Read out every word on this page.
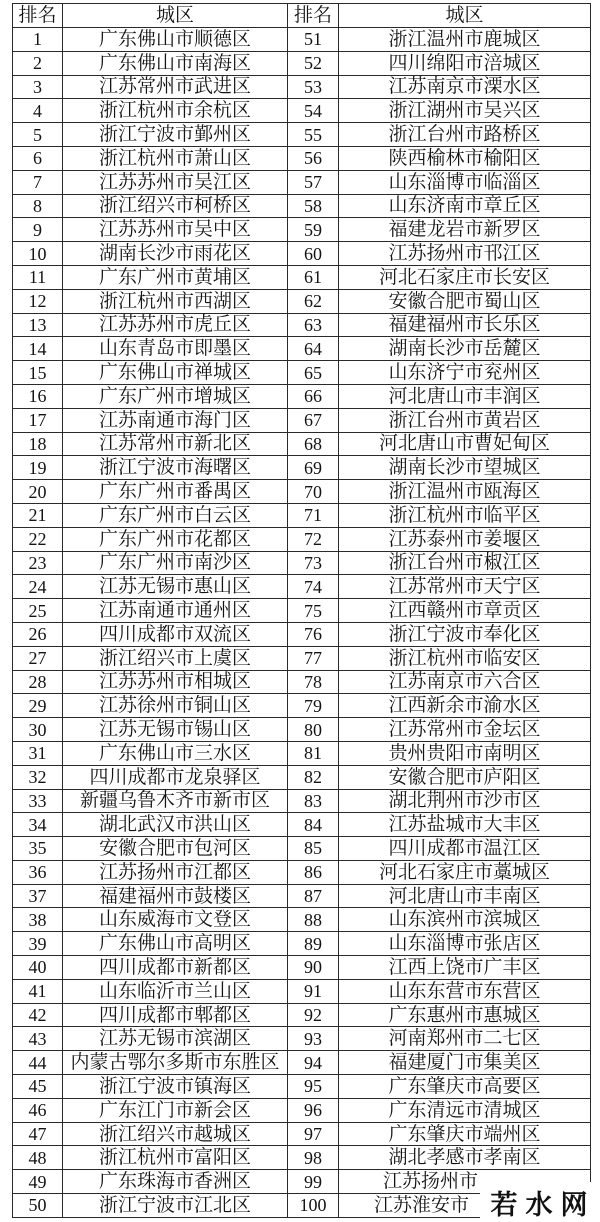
排名	城区	排名	城区
1	广东佛山市顺德区	51	浙江温州市鹿城区
2	广东佛山市南海区	52	四川绵阳市涪城区
3	江苏常州市武进区	53	江苏南京市溧水区
4	浙江杭州市余杭区	54	浙江湖州市吴兴区
5	浙江宁波市鄞州区	55	浙江台州市路桥区
6	浙江杭州市萧山区	56	陕西榆林市榆阳区
7	江苏苏州市吴江区	57	山东淄博市临淄区
8	浙江绍兴市柯桥区	58	山东济南市章丘区
9	江苏苏州市吴中区	59	福建龙岩市新罗区
10	湖南长沙市雨花区	60	江苏扬州市邗江区
11	广东广州市黄埔区	61	河北石家庄市长安区
12	浙江杭州市西湖区	62	安徽合肥市蜀山区
13	江苏苏州市虎丘区	63	福建福州市长乐区
14	山东青岛市即墨区	64	湖南长沙市岳麓区
15	广东佛山市禅城区	65	山东济宁市兖州区
16	广东广州市增城区	66	河北唐山市丰润区
17	江苏南通市海门区	67	浙江台州市黄岩区
18	江苏常州市新北区	68	河北唐山市曹妃甸区
19	浙江宁波市海曙区	69	湖南长沙市望城区
20	广东广州市番禺区	70	浙江温州市瓯海区
21	广东广州市白云区	71	浙江杭州市临平区
22	广东广州市花都区	72	江苏泰州市姜堰区
23	广东广州市南沙区	73	浙江台州市椒江区
24	江苏无锡市惠山区	74	江苏常州市天宁区
25	江苏南通市通州区	75	江西赣州市章贡区
26	四川成都市双流区	76	浙江宁波市奉化区
27	浙江绍兴市上虞区	77	浙江杭州市临安区
28	江苏苏州市相城区	78	江苏南京市六合区
29	江苏徐州市铜山区	79	江西新余市渝水区
30	江苏无锡市锡山区	80	江苏常州市金坛区
31	广东佛山市三水区	81	贵州贵阳市南明区
32	四川成都市龙泉驿区	82	安徽合肥市庐阳区
33	新疆乌鲁木齐市新市区	83	湖北荆州市沙市区
34	湖北武汉市洪山区	84	江苏盐城市大丰区
35	安徽合肥市包河区	85	四川成都市温江区
36	江苏扬州市江都区	86	河北石家庄市藁城区
37	福建福州市鼓楼区	87	河北唐山市丰南区
38	山东威海市文登区	88	山东滨州市滨城区
39	广东佛山市高明区	89	山东淄博市张店区
40	四川成都市新都区	90	江西上饶市广丰区
41	山东临沂市兰山区	91	山东东营市东营区
42	四川成都市郫都区	92	广东惠州市惠城区
43	江苏无锡市滨湖区	93	河南郑州市二七区
44	内蒙古鄂尔多斯市东胜区	94	福建厦门市集美区
45	浙江宁波市镇海区	95	广东肇庆市高要区
46	广东江门市新会区	96	广东清远市清城区
47	浙江绍兴市越城区	97	广东肇庆市端州区
48	浙江杭州市富阳区	98	湖北孝感市孝南区
49	广东珠海市香洲区	99	江苏扬州市
50	浙江宁波市江北区	100	江苏淮安市 若水网
